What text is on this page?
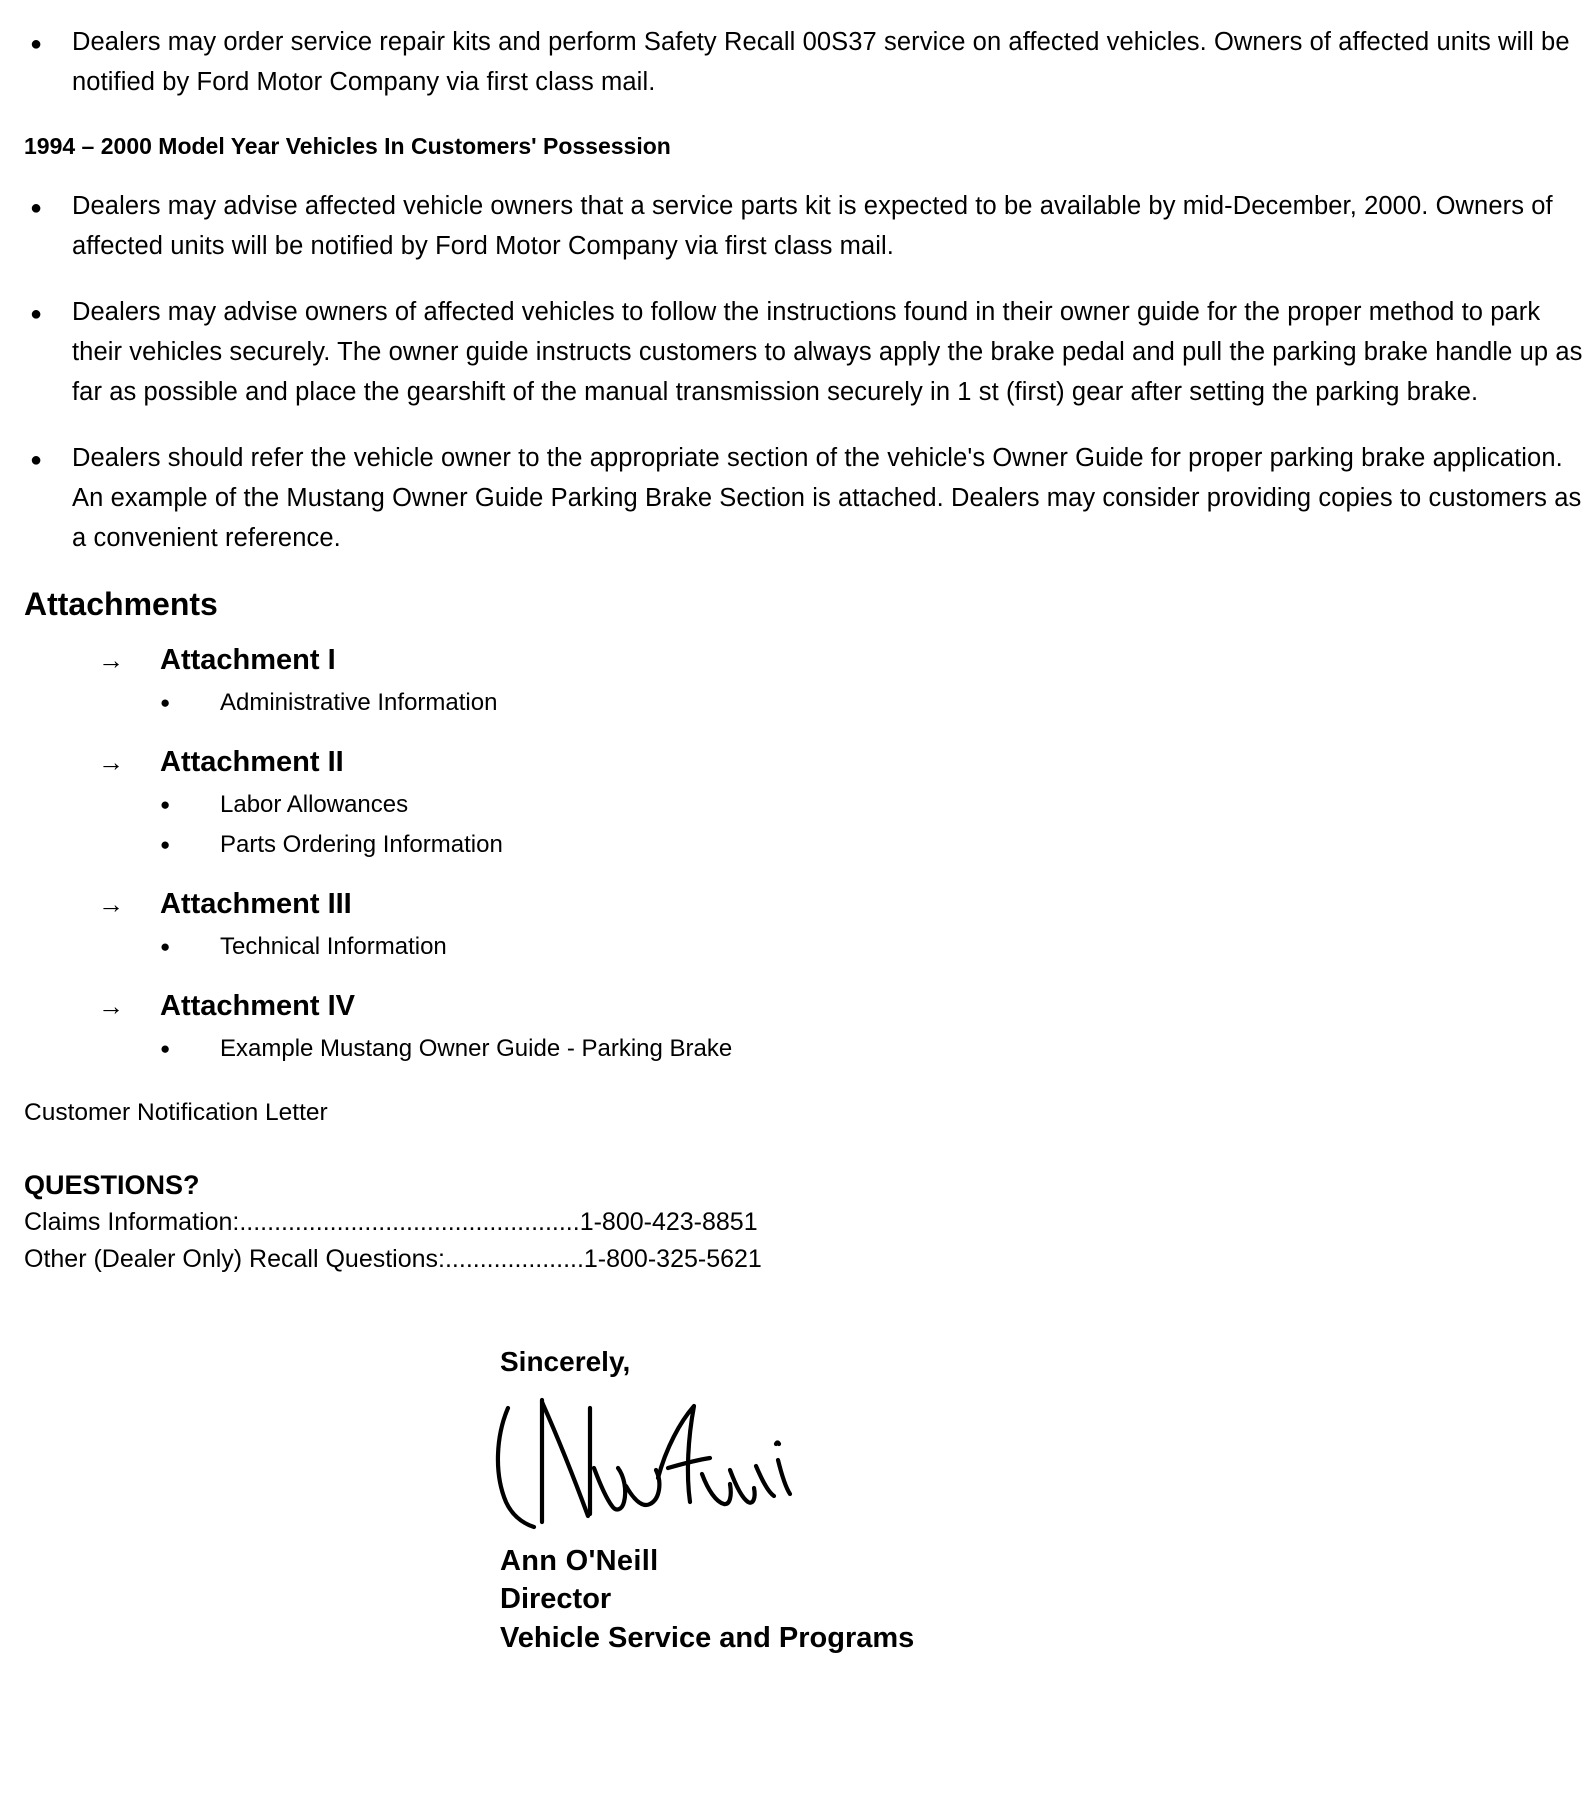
●	Dealers may order service repair kits and perform Safety Recall 00S37 service on affected vehicles. Owners of affected units will be notified by Ford Motor Company via first class mail.
1994 – 2000 Model Year Vehicles In Customers' Possession
●	Dealers may advise affected vehicle owners that a service parts kit is expected to be available by mid-December, 2000. Owners of affected units will be notified by Ford Motor Company via first class mail.
●	Dealers may advise owners of affected vehicles to follow the instructions found in their owner guide for the proper method to park their vehicles securely. The owner guide instructs customers to always apply the brake pedal and pull the parking brake handle up as far as possible and place the gearshift of the manual transmission securely in 1 st (first) gear after setting the parking brake.
●	Dealers should refer the vehicle owner to the appropriate section of the vehicle's Owner Guide for proper parking brake application. An example of the Mustang Owner Guide Parking Brake Section is attached. Dealers may consider providing copies to customers as a convenient reference.
Attachments
→	Attachment I
●	Administrative Information
→	Attachment II
●	Labor Allowances
●	Parts Ordering Information
→	Attachment III
●	Technical Information
→	Attachment IV
●	Example Mustang Owner Guide - Parking Brake
Customer Notification Letter
QUESTIONS?
Claims Information:.................................................1-800-423-8851
Other (Dealer Only) Recall Questions:....................1-800-325-5621
Sincerely,
Ann O'Neill
Director
Vehicle Service and Programs
